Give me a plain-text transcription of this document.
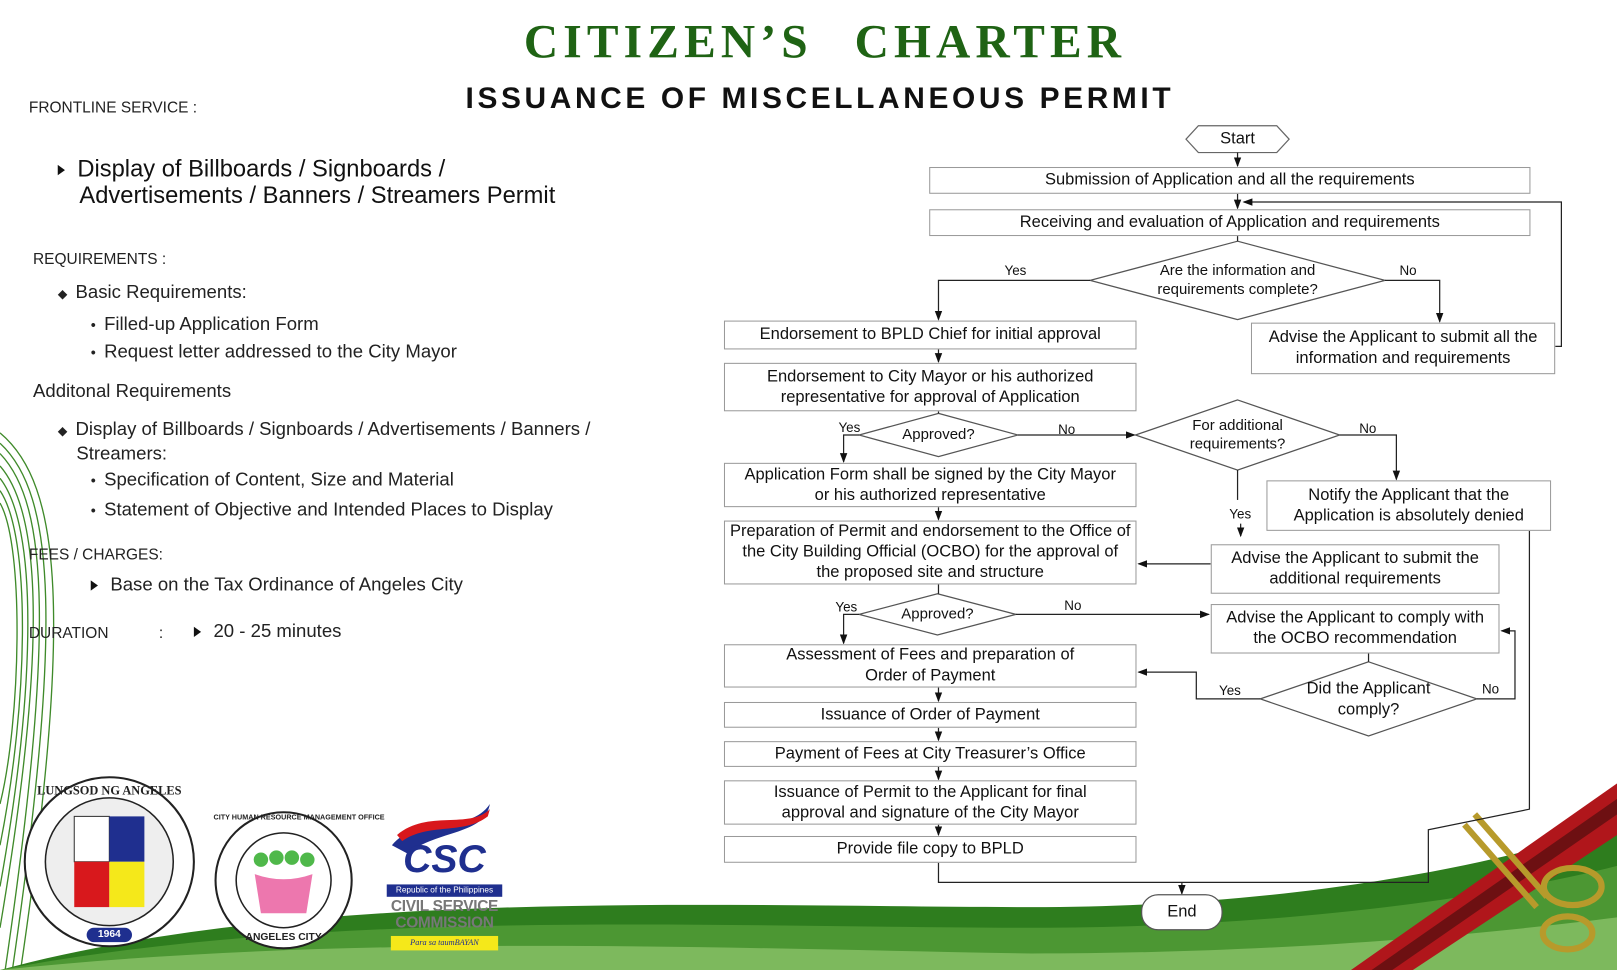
CITIZEN’S CHARTER
ISSUANCE OF MISCELLANEOUS PERMIT
FRONTLINE SERVICE :
Display of Billboards / Signboards /
Advertisements / Banners / Streamers Permit
REQUIREMENTS :
◆ Basic Requirements:
• Filled-up Application Form
• Request letter addressed to the City Mayor
Additonal Requirements
◆ Display of Billboards / Signboards / Advertisements / Banners /
Streamers:
• Specification of Content, Size and Material
• Statement of Objective and Intended Places to Display
FEES / CHARGES:
Base on the Tax Ordinance of Angeles City
DURATION	:	20 - 25 minutes
LUNGSOD NG ANGELES
1964
CITY HUMAN RESOURCE MANAGEMENT OFFICE
ANGELES CITY
CSC
Republic of the Philippines
CIVIL SERVICE
COMMISSION
Para sa taumBAYAN
Start
Submission of Application and all the requirements
Receiving and evaluation of Application and requirements
Are the information and requirements complete?
Advise the Applicant to submit all the information and requirements
Endorsement to BPLD Chief for initial approval
Endorsement to City Mayor or his authorized representative for approval of Application
Approved?
For additional requirements?
Application Form shall be signed by the City Mayor or his authorized representative	Notify the Applicant that the Application is absolutely denied
Preparation of Permit and endorsement to the Office of the City Building Official (OCBO) for the approval of the proposed site and structure
Advise the Applicant to submit the additional requirements
Approved?	Advise the Applicant to comply with the OCBO recommendation
Assessment of Fees and preparation of Order of Payment
Did the Applicant comply?
Issuance of Order of Payment
Payment of Fees at City Treasurer’s Office
Issuance of Permit to the Applicant for final approval and signature of the City Mayor
Provide file copy to BPLD
End
Yes	No
Yes	No	No
Yes
Yes	No
Yes	No
